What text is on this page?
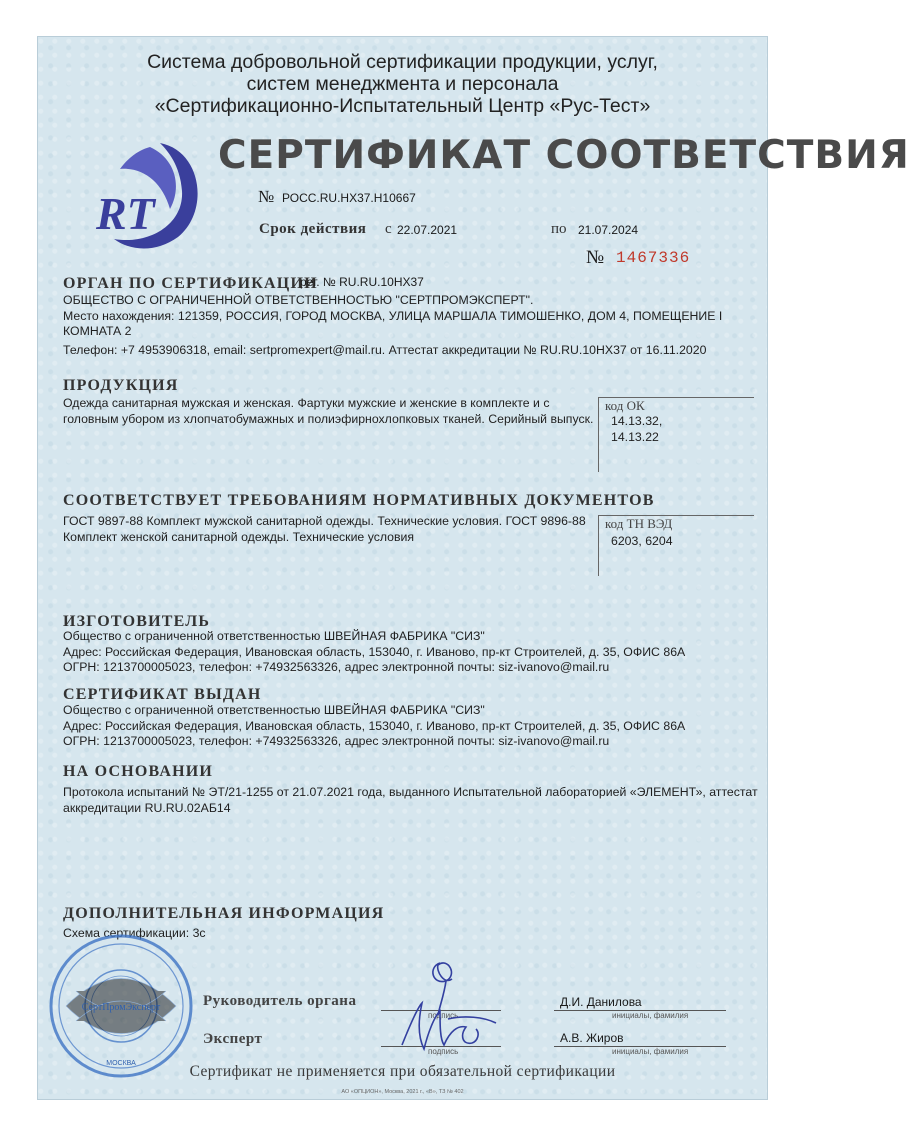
Система добровольной сертификации продукции, услуг,
систем менеджмента и персонала
«Сертификационно-Испытательный Центр «Рус-Тест»
RT
СЕРТИФИКАТ СООТВЕТСТВИЯ
№ РОСС.RU.НХ37.Н10667
Срок действия с 22.07.2021	по 21.07.2024
№ 1467336
ОРГАН ПО СЕРТИФИКАЦИИ
рег. № RU.RU.10НХ37
ОБЩЕСТВО С ОГРАНИЧЕННОЙ ОТВЕТСТВЕННОСТЬЮ "СЕРТПРОМЭКСПЕРТ".
Место нахождения: 121359, РОССИЯ, ГОРОД МОСКВА, УЛИЦА МАРШАЛА ТИМОШЕНКО, ДОМ 4, ПОМЕЩЕНИЕ I
КОМНАТА 2
Телефон: +7 4953906318, email: sertpromexpert@mail.ru. Аттестат аккредитации № RU.RU.10НХ37 от 16.11.2020
ПРОДУКЦИЯ
Одежда санитарная мужская и женская. Фартуки мужские и женские в комплекте и с
головным убором из хлопчатобумажных и полиэфирнохлопковых тканей. Серийный выпуск.
код ОК
14.13.32,
14.13.22
СООТВЕТСТВУЕТ ТРЕБОВАНИЯМ НОРМАТИВНЫХ ДОКУМЕНТОВ
ГОСТ 9897-88 Комплект мужской санитарной одежды. Технические условия. ГОСТ 9896-88
Комплект женской санитарной одежды. Технические условия
код ТН ВЭД
6203, 6204
ИЗГОТОВИТЕЛЬ
Общество с ограниченной ответственностью ШВЕЙНАЯ ФАБРИКА "СИЗ"
Адрес: Российская Федерация, Ивановская область, 153040, г. Иваново, пр-кт Строителей, д. 35, ОФИС 86А
ОГРН: 1213700005023, телефон: +74932563326, адрес электронной почты: siz-ivanovo@mail.ru
СЕРТИФИКАТ ВЫДАН
Общество с ограниченной ответственностью ШВЕЙНАЯ ФАБРИКА "СИЗ"
Адрес: Российская Федерация, Ивановская область, 153040, г. Иваново, пр-кт Строителей, д. 35, ОФИС 86А
ОГРН: 1213700005023, телефон: +74932563326, адрес электронной почты: siz-ivanovo@mail.ru
НА ОСНОВАНИИ
Протокола испытаний № ЭТ/21-1255 от 21.07.2021 года, выданного Испытательной лабораторией «ЭЛЕМЕНТ», аттестат
аккредитации RU.RU.02АБ14
ДОПОЛНИТЕЛЬНАЯ ИНФОРМАЦИЯ
Схема сертификации: 3с
СертПромЭксперт
МОСКВА
Руководитель органа
подпись
Д.И. Данилова
инициалы, фамилия
Эксперт
подпись
А.В. Жиров
инициалы, фамилия
Сертификат не применяется при обязательной сертификации
АО «ОПЦИОН», Москва, 2021 г., «В», ТЗ № 402
